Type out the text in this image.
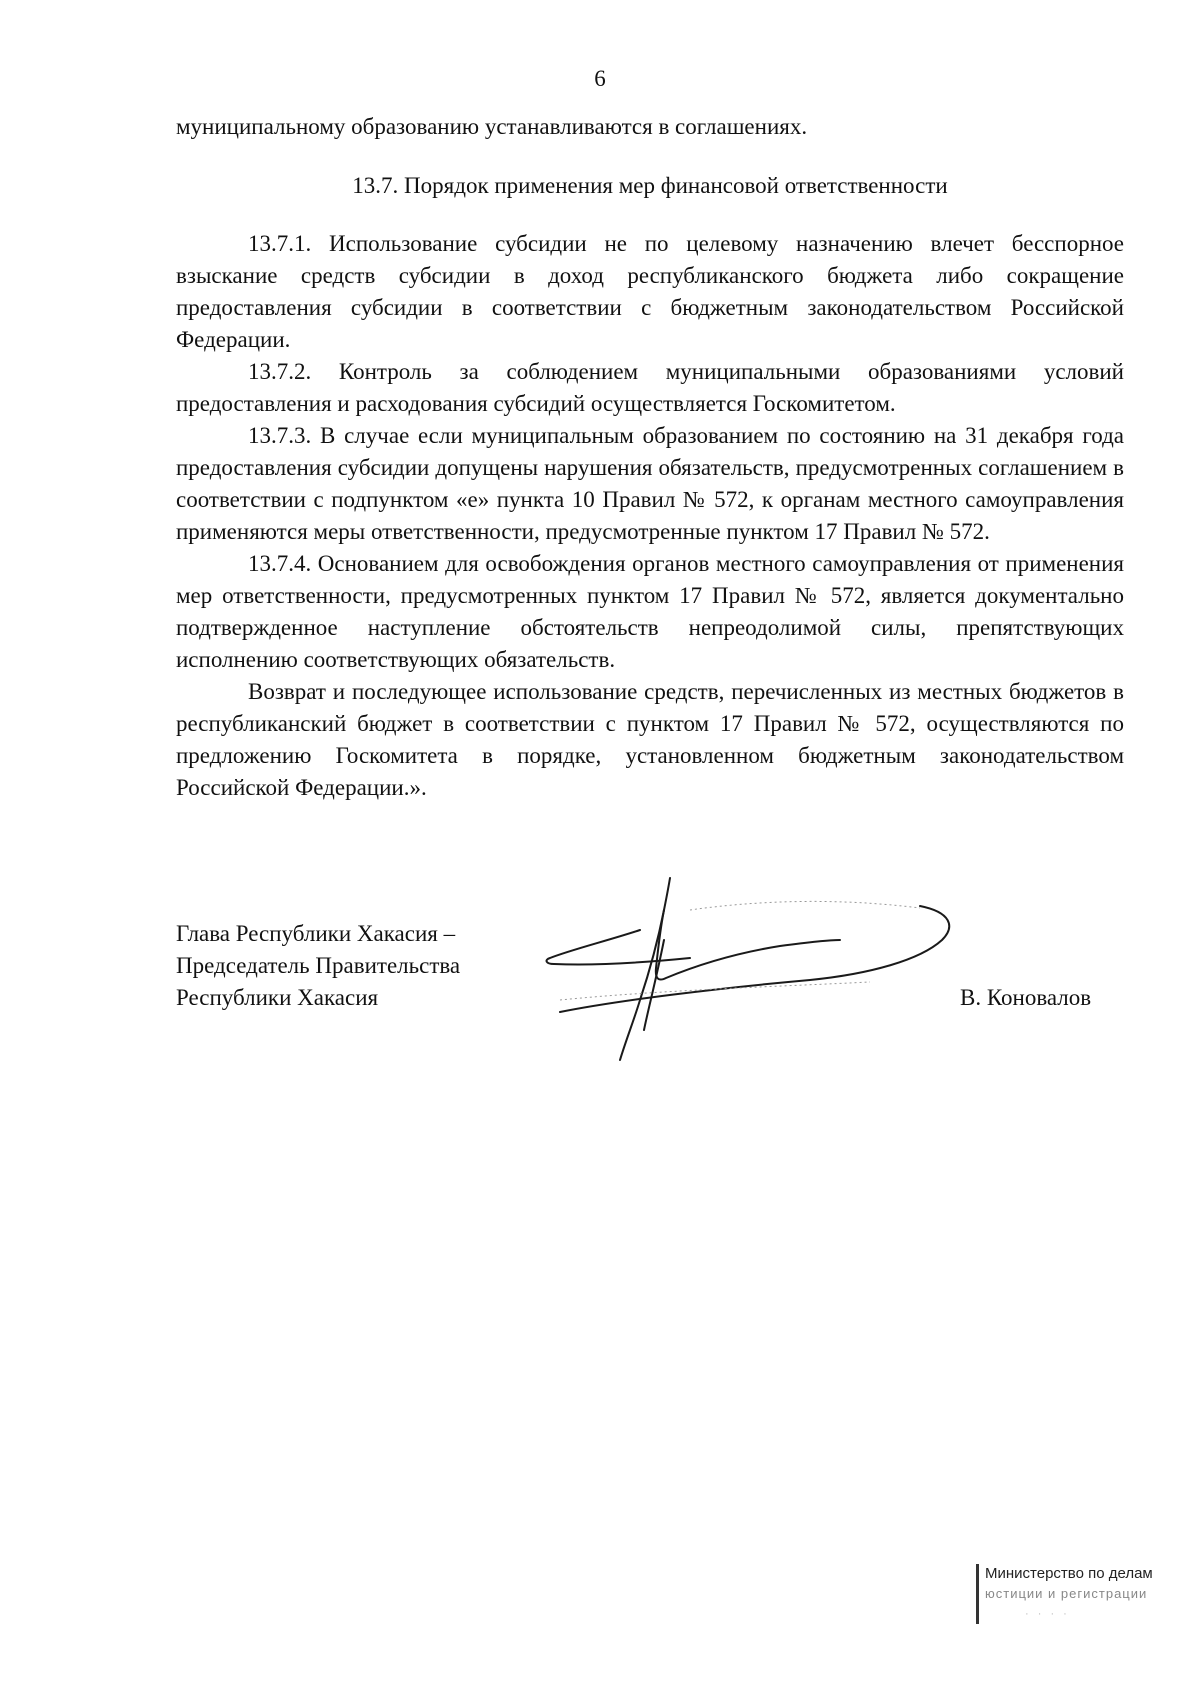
6
муниципальному образованию устанавливаются в соглашениях.
13.7. Порядок применения мер финансовой ответственности

13.7.1. Использование субсидии не по целевому назначению влечет бесспорное взыскание средств субсидии в доход республиканского бюджета либо сокращение предоставления субсидии в соответствии с бюджетным законодательством Российской Федерации.

13.7.2. Контроль за соблюдением муниципальными образованиями условий предоставления и расходования субсидий осуществляется Госкомитетом.

13.7.3. В случае если муниципальным образованием по состоянию на 31 декабря года предоставления субсидии допущены нарушения обязательств, предусмотренных соглашением в соответствии с подпунктом «е» пункта 10 Правил № 572, к органам местного самоуправления применяются меры ответственности, предусмотренные пунктом 17 Правил № 572.

13.7.4. Основанием для освобождения органов местного самоуправления от применения мер ответственности, предусмотренных пунктом 17 Правил № 572, является документально подтвержденное наступление обстоятельств непреодолимой силы, препятствующих исполнению соответствующих обязательств.

Возврат и последующее использование средств, перечисленных из местных бюджетов в республиканский бюджет в соответствии с пунктом 17 Правил № 572, осуществляются по предложению Госкомитета в порядке, установленном бюджетным законодательством Российской Федерации.».

Глава Республики Хакасия –
Председатель Правительства
Республики Хакасия	В. Коновалов
Министерство по делам
юстиции и регистрации
· · · ·
